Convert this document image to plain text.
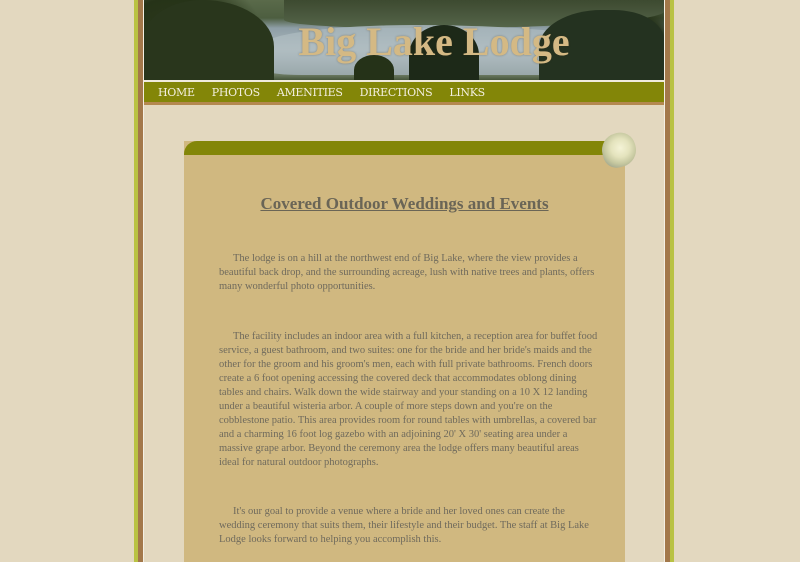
Big Lake Lodge
HOME PHOTOS AMENITIES DIRECTIONS LINKS
Covered Outdoor Weddings and Events

The lodge is on a hill at the northwest end of Big Lake, where the view provides a beautiful back drop, and the surrounding acreage, lush with native trees and plants, offers many wonderful photo opportunities.

The facility includes an indoor area with a full kitchen, a reception area for buffet food service, a guest bathroom, and two suites: one for the bride and her bride's maids and the other for the groom and his groom's men, each with full private bathrooms. French doors create a 6 foot opening accessing the covered deck that accommodates oblong dining tables and chairs. Walk down the wide stairway and your standing on a 10 X 12 landing under a beautiful wisteria arbor. A couple of more steps down and you're on the cobblestone patio. This area provides room for round tables with umbrellas, a covered bar and a charming 16 foot log gazebo with an adjoining 20' X 30' seating area under a massive grape arbor. Beyond the ceremony area the lodge offers many beautiful areas ideal for natural outdoor photographs.

It's our goal to provide a venue where a bride and her loved ones can create the wedding ceremony that suits them, their lifestyle and their budget. The staff at Big Lake Lodge looks forward to helping you accomplish this.
